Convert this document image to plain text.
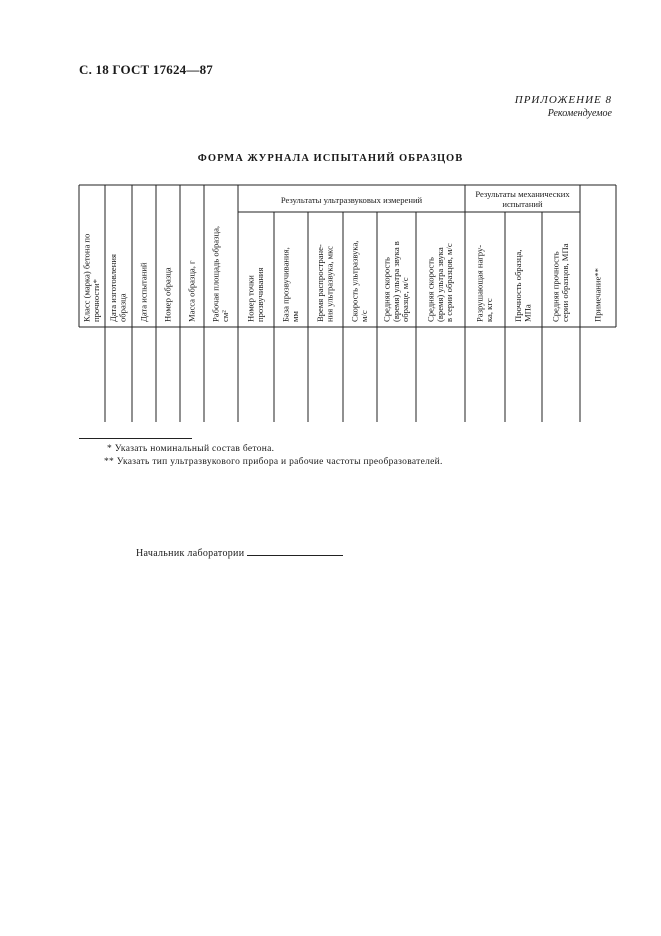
С. 18 ГОСТ 17624—87
ПРИЛОЖЕНИЕ 8
Рекомендуемое
ФОРМА ЖУРНАЛА ИСПЫТАНИЙ ОБРАЗЦОВ
Результаты ультразвуковых измерений
Результаты механических
испытаний
Класс (марка) бетона по прочности* Дата изготовления образца Дата испытаний Номер образца Масса образца, г Рабочая площадь образца, см² Номер точки прозвучивания База прозвучивания, мм Время распростране- ния ультразвука, мкс Скорость ультразвука, м/с Средняя скорость (время) ультра звука в образце, м/с Средняя скорость (время) ультра звука в серии образцов, м/с Разрушающая нагру- ка, кгс Прочность образца, МПа Средняя прочность серии образцов, МПа	Примечание**
* Указать номинальный состав бетона.
** Указать тип ультразвукового прибора и рабочие частоты преобразователей.
Начальник лаборатории
